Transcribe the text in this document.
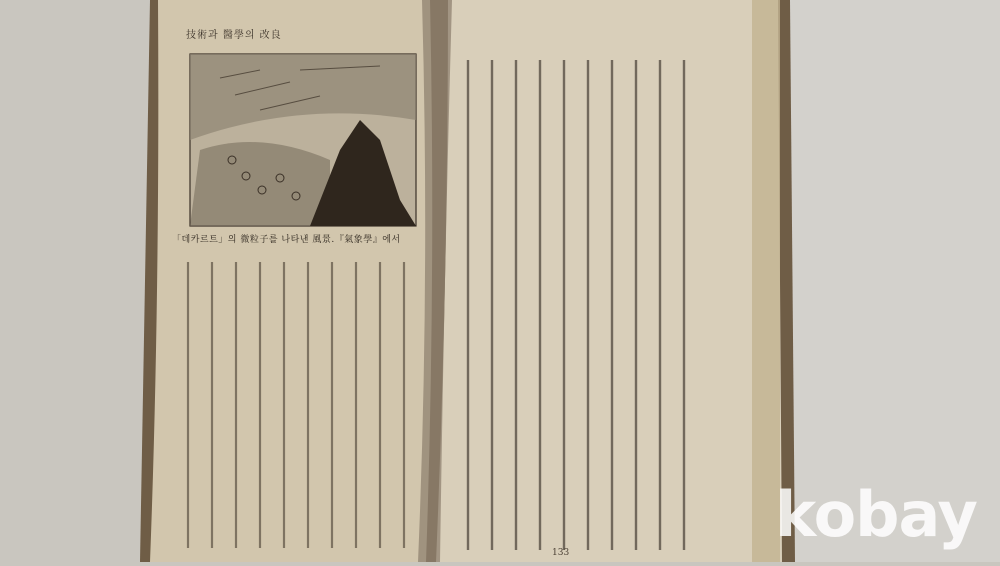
技術과 醫學의 改良
「데카르트」의 微粒子를 나타낸 風景.『氣象學』에서
133
kobay
